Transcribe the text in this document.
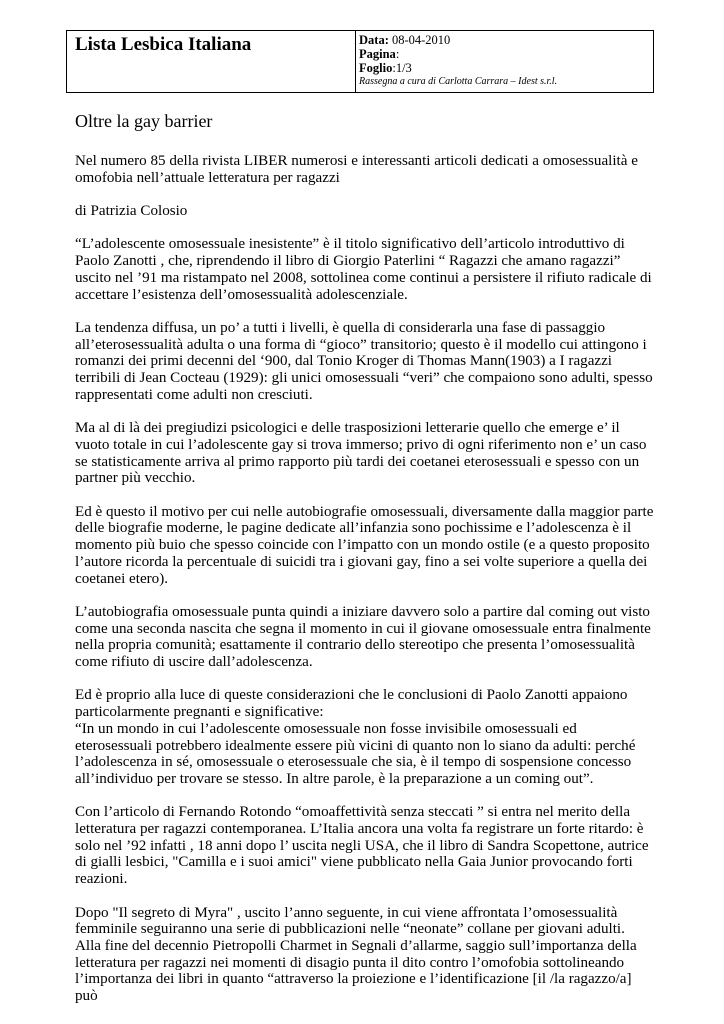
Lista Lesbica Italiana	Data: 08-04-2010
Pagina:
Foglio:1/3
Rassegna a cura di Carlotta Carrara – Idest s.r.l.
Oltre la gay barrier

Nel numero 85 della rivista LIBER numerosi e interessanti articoli dedicati a omosessualità e omofobia nell’attuale letteratura per ragazzi

di Patrizia Colosio

“L’adolescente omosessuale inesistente” è il titolo significativo dell’articolo introduttivo di Paolo Zanotti , che, riprendendo il libro di Giorgio Paterlini “ Ragazzi che amano ragazzi” uscito nel ’91 ma ristampato nel 2008, sottolinea come continui a persistere il rifiuto radicale di accettare l’esistenza dell’omosessualità adolescenziale.

La tendenza diffusa, un po’ a tutti i livelli, è quella di considerarla una fase di passaggio all’eterosessualità adulta o una forma di “gioco” transitorio; questo è il modello cui attingono i romanzi dei primi decenni del ‘900, dal Tonio Kroger di Thomas Mann(1903) a I ragazzi terribili di Jean Cocteau (1929): gli unici omosessuali “veri” che compaiono sono adulti, spesso rappresentati come adulti non cresciuti.

Ma al di là dei pregiudizi psicologici e delle trasposizioni letterarie quello che emerge e’ il vuoto totale in cui l’adolescente gay si trova immerso; privo di ogni riferimento non e’ un caso se statisticamente arriva al primo rapporto più tardi dei coetanei eterosessuali e spesso con un partner più vecchio.

Ed è questo il motivo per cui nelle autobiografie omosessuali, diversamente dalla maggior parte delle biografie moderne, le pagine dedicate all’infanzia sono pochissime e l’adolescenza è il momento più buio che spesso coincide con l’impatto con un mondo ostile (e a questo proposito l’autore ricorda la percentuale di suicidi tra i giovani gay, fino a sei volte superiore a quella dei coetanei etero).

L’autobiografia omosessuale punta quindi a iniziare davvero solo a partire dal coming out visto come una seconda nascita che segna il momento in cui il giovane omosessuale entra finalmente nella propria comunità; esattamente il contrario dello stereotipo che presenta l’omosessualità come rifiuto di uscire dall’adolescenza.

Ed è proprio alla luce di queste considerazioni che le conclusioni di Paolo Zanotti appaiono particolarmente pregnanti e significative:

“In un mondo in cui l’adolescente omosessuale non fosse invisibile omosessuali ed eterosessuali potrebbero idealmente essere più vicini di quanto non lo siano da adulti: perché l’adolescenza in sé, omosessuale o eterosessuale che sia, è il tempo di sospensione concesso all’individuo per trovare se stesso. In altre parole, è la preparazione a un coming out”.

Con l’articolo di Fernando Rotondo “omoaffettività senza steccati ” si entra nel merito della letteratura per ragazzi contemporanea. L’Italia ancora una volta fa registrare un forte ritardo: è solo nel ’92 infatti , 18 anni dopo l’ uscita negli USA, che il libro di Sandra Scopettone, autrice di gialli lesbici, "Camilla e i suoi amici" viene pubblicato nella Gaia Junior provocando forti reazioni.

Dopo "Il segreto di Myra" , uscito l’anno seguente, in cui viene affrontata l’omosessualità femminile seguiranno una serie di pubblicazioni nelle “neonate” collane per giovani adulti.

Alla fine del decennio Pietropolli Charmet in Segnali d’allarme, saggio sull’importanza della letteratura per ragazzi nei momenti di disagio punta il dito contro l’omofobia sottolineando l’importanza dei libri in quanto “attraverso la proiezione e l’identificazione [il /la ragazzo/a] può
